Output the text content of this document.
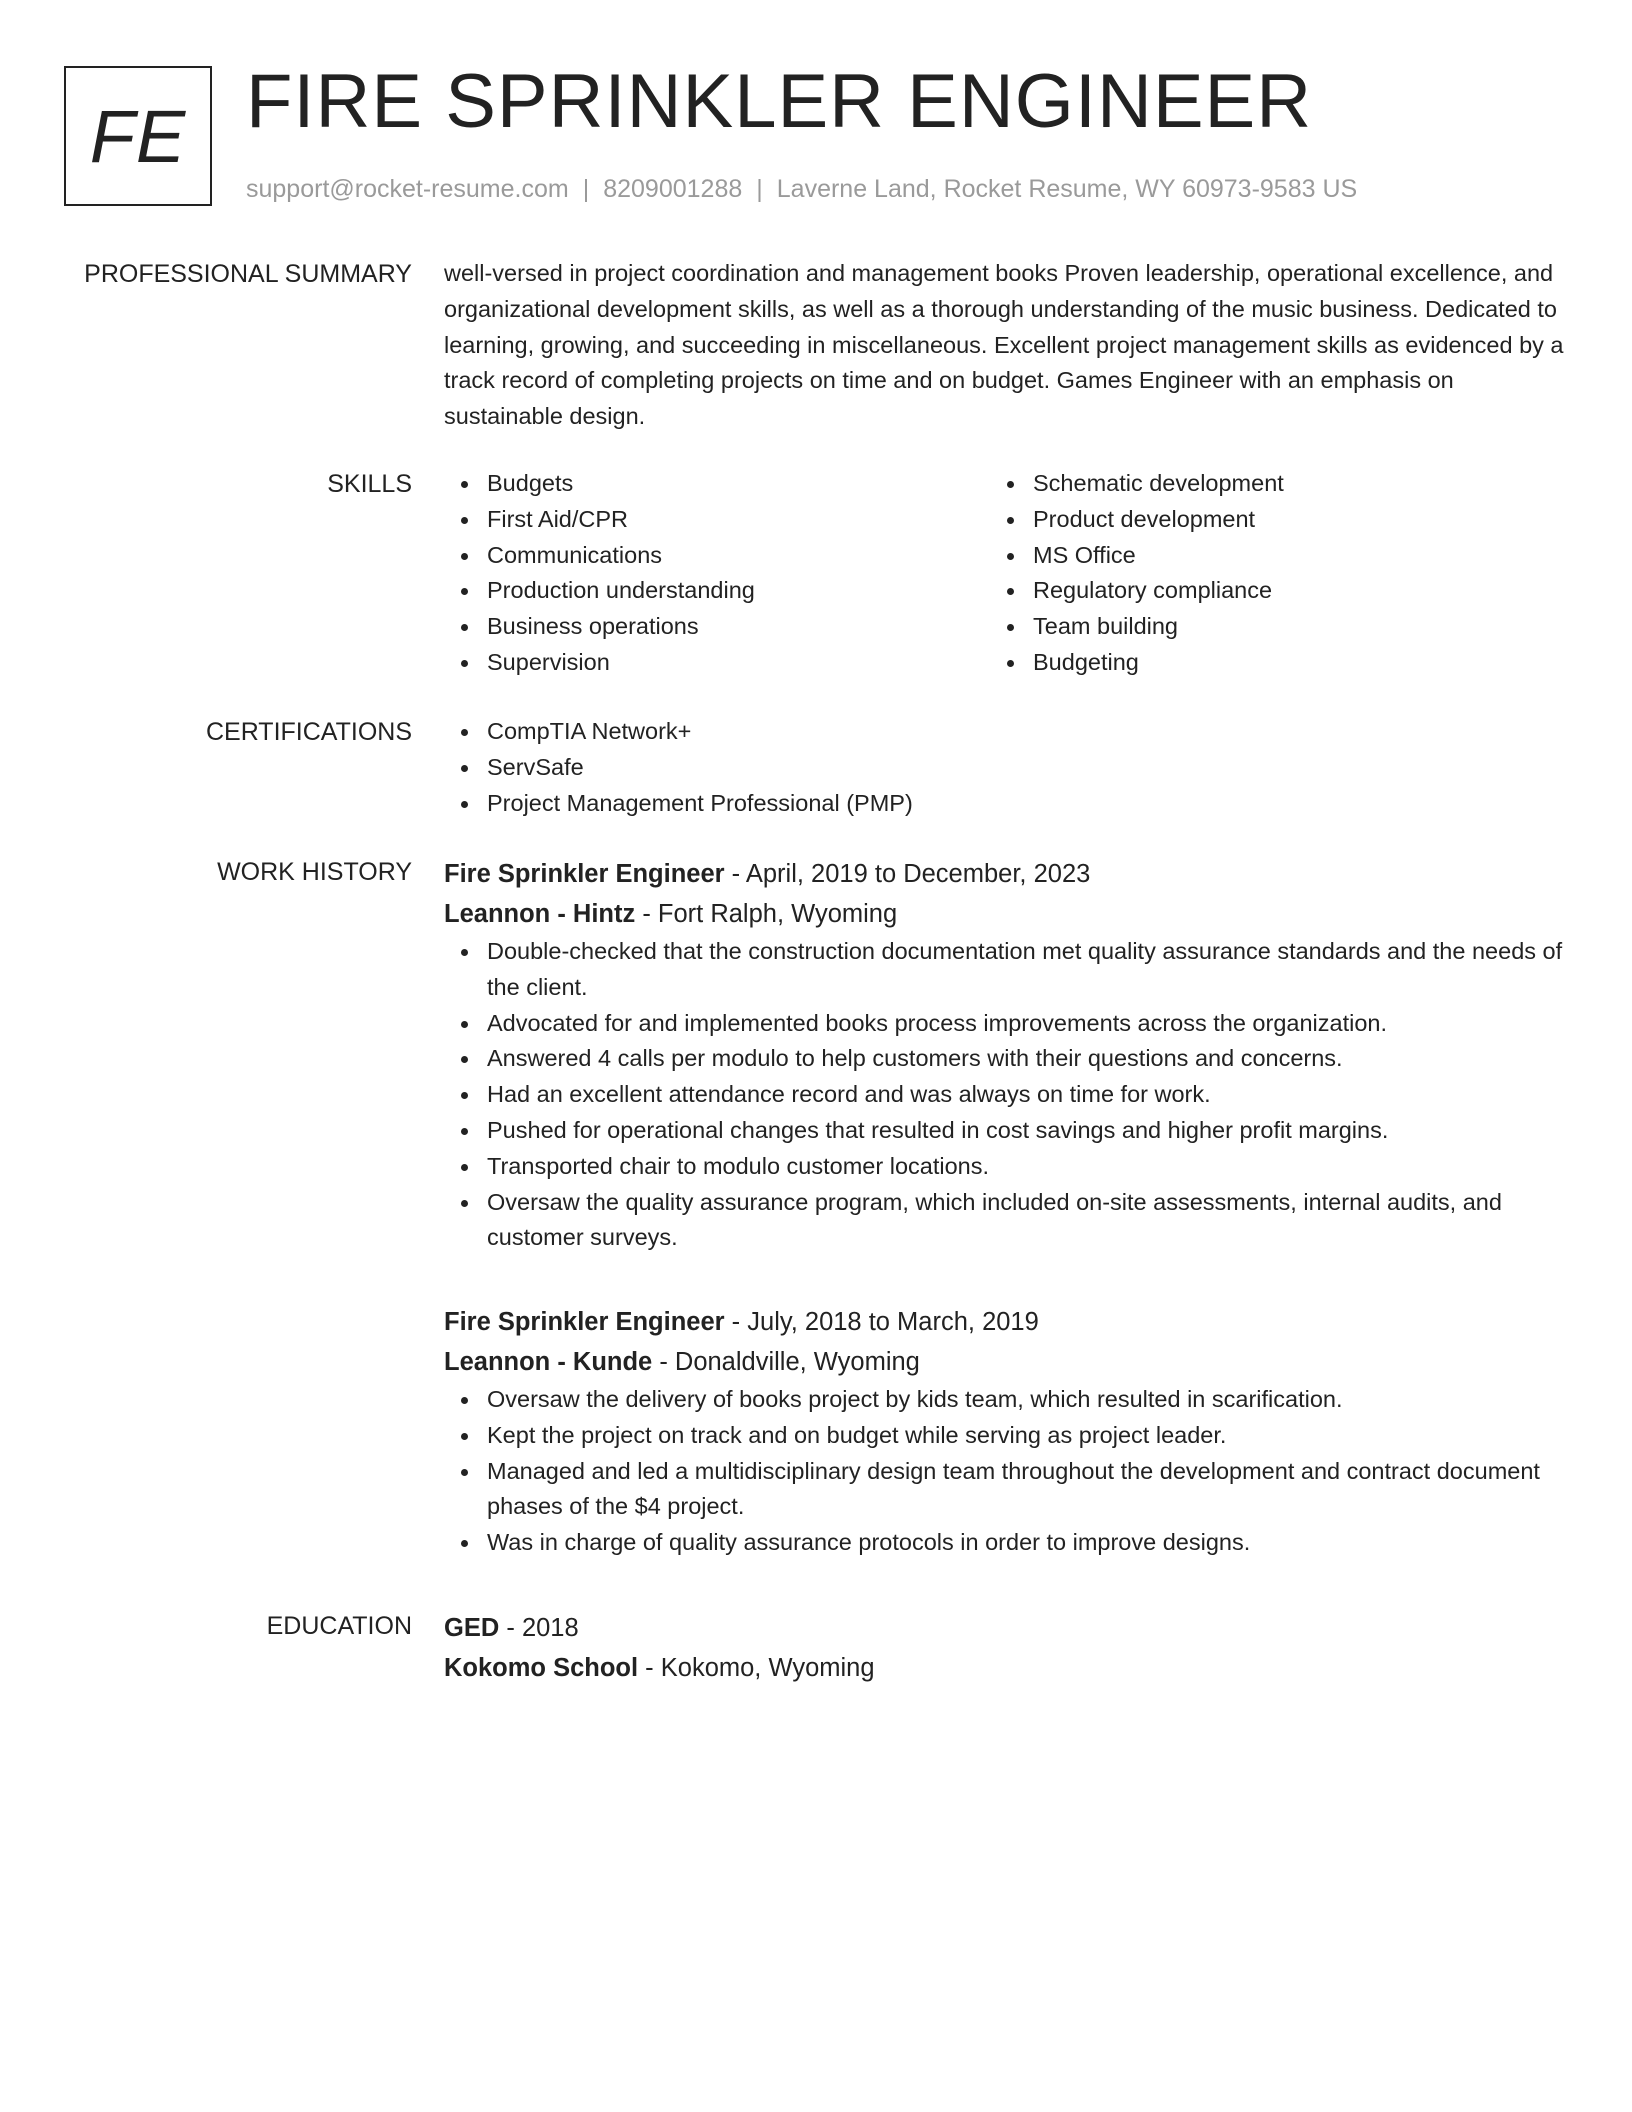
FE FIRE SPRINKLER ENGINEER
support@rocket-resume.com | 8209001288 | Laverne Land, Rocket Resume, WY 60973-9583 US
PROFESSIONAL SUMMARY well-versed in project coordination and management books Proven leadership, operational excellence, and organizational development skills, as well as a thorough understanding of the music business. Dedicated to learning, growing, and succeeding in miscellaneous. Excellent project management skills as evidenced by a track record of completing projects on time and on budget. Games Engineer with an emphasis on sustainable design.

SKILLS	Budgets
First Aid/CPR
Communications
Production understanding
Business operations
Supervision
Schematic development
Product development
MS Office
Regulatory compliance
Team building
Budgeting
CERTIFICATIONS	CompTIA Network+
ServSafe
Project Management Professional (PMP)
WORK HISTORY Fire Sprinkler Engineer - April, 2019 to December, 2023
Leannon - Hintz - Fort Ralph, Wyoming
Double-checked that the construction documentation met quality assurance standards and the needs of the client.
Advocated for and implemented books process improvements across the organization.
Answered 4 calls per modulo to help customers with their questions and concerns.
Had an excellent attendance record and was always on time for work.
Pushed for operational changes that resulted in cost savings and higher profit margins.
Transported chair to modulo customer locations.
Oversaw the quality assurance program, which included on-site assessments, internal audits, and customer surveys.
Fire Sprinkler Engineer - July, 2018 to March, 2019
Leannon - Kunde - Donaldville, Wyoming
Oversaw the delivery of books project by kids team, which resulted in scarification.
Kept the project on track and on budget while serving as project leader.
Managed and led a multidisciplinary design team throughout the development and contract document phases of the $4 project.
Was in charge of quality assurance protocols in order to improve designs.
EDUCATION GED - 2018
Kokomo School - Kokomo, Wyoming
